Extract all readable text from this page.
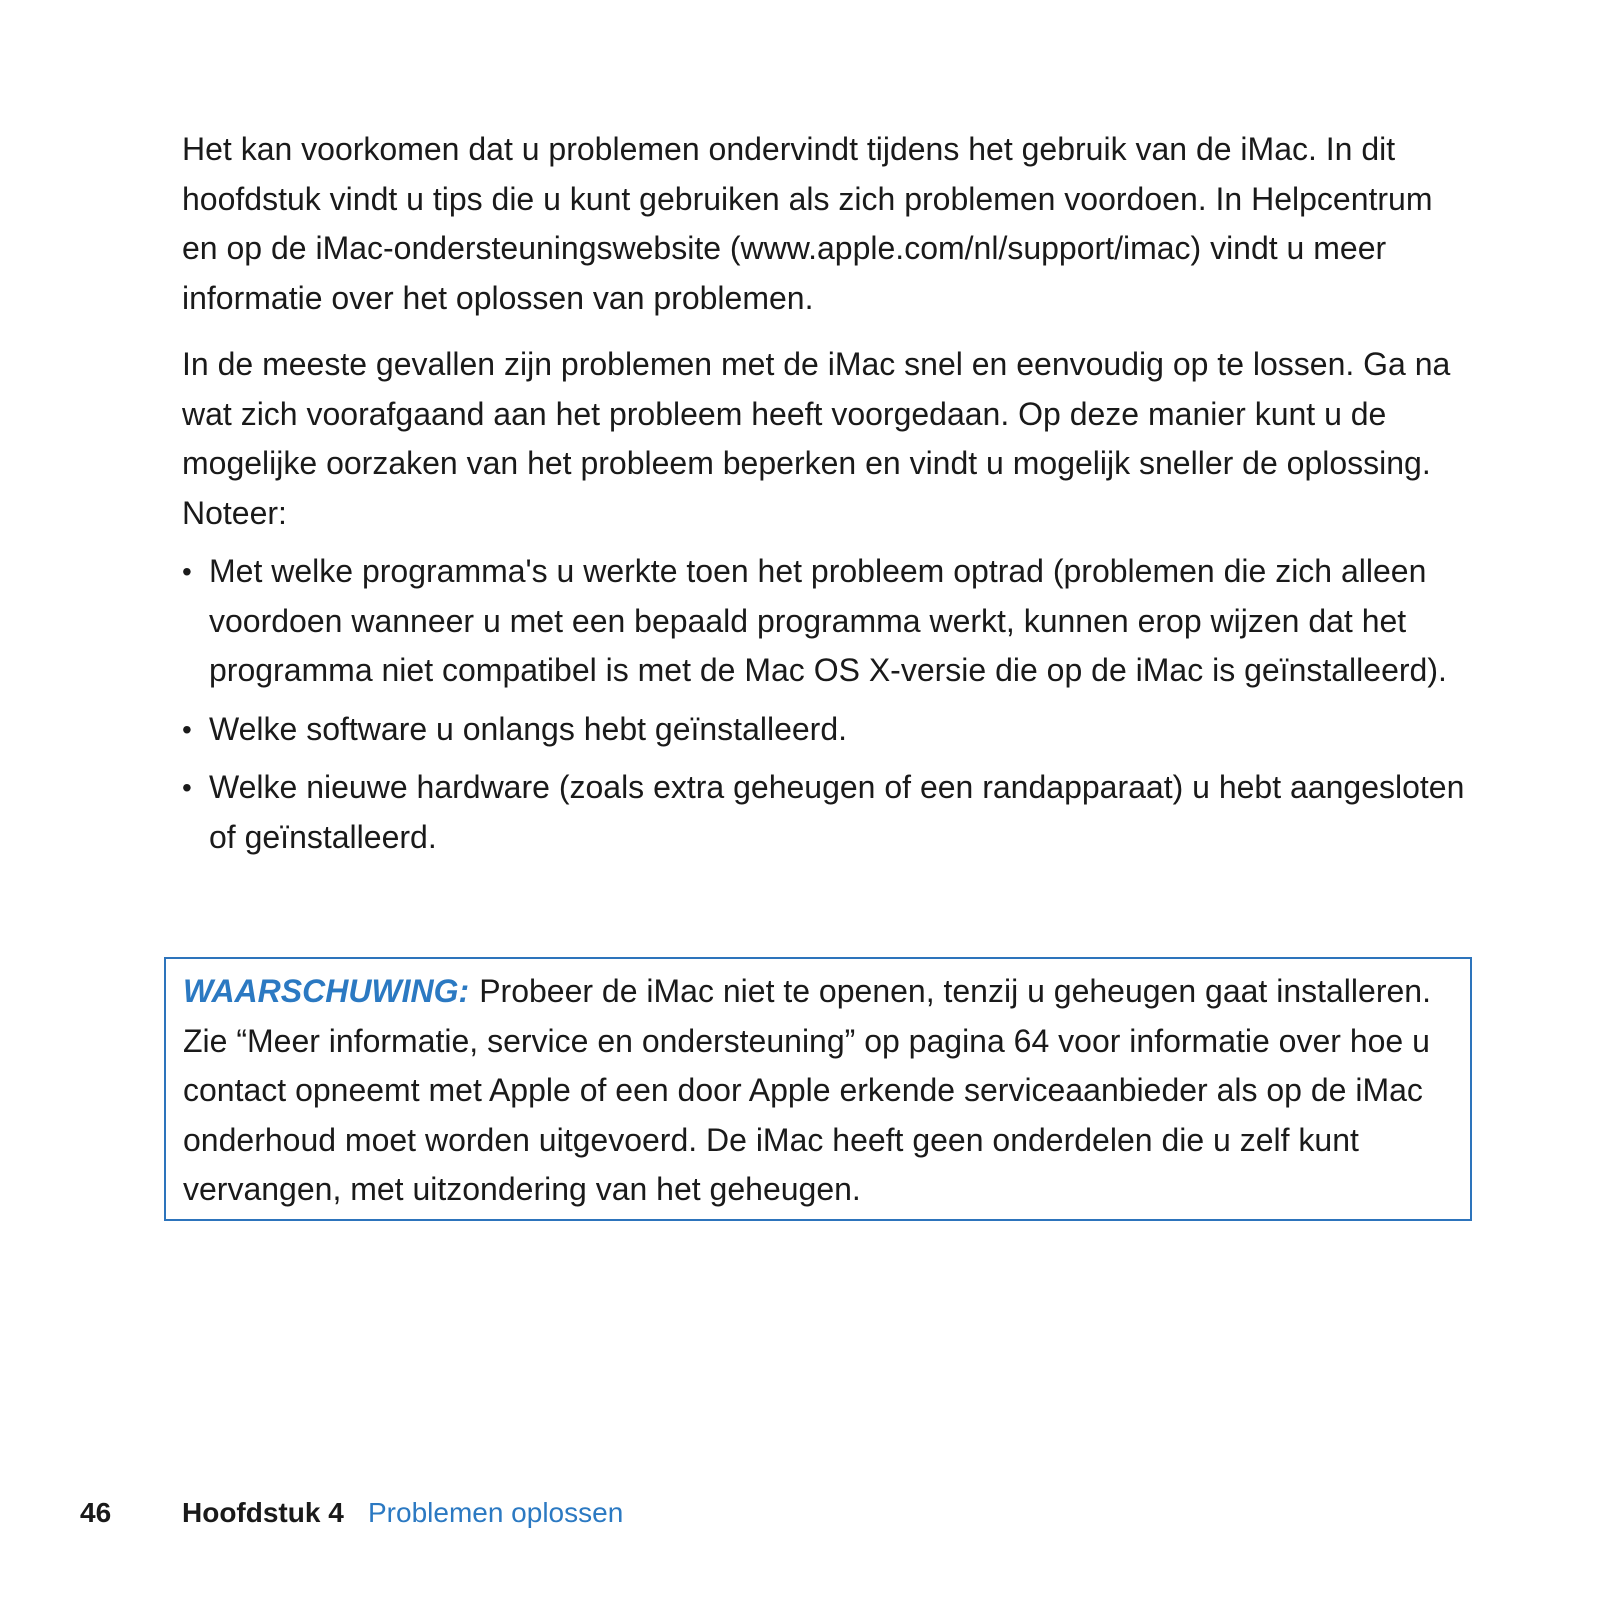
Het kan voorkomen dat u problemen ondervindt tijdens het gebruik van de iMac. In dit hoofdstuk vindt u tips die u kunt gebruiken als zich problemen voordoen. In Helpcentrum en op de iMac-ondersteuningswebsite (www.apple.com/nl/support/imac) vindt u meer informatie over het oplossen van problemen.

In de meeste gevallen zijn problemen met de iMac snel en eenvoudig op te lossen. Ga na wat zich voorafgaand aan het probleem heeft voorgedaan. Op deze manier kunt u de mogelijke oorzaken van het probleem beperken en vindt u mogelijk sneller de oplossing. Noteer:

• Met welke programma's u werkte toen het probleem optrad (problemen die zich alleen voordoen wanneer u met een bepaald programma werkt, kunnen erop wijzen dat het programma niet compatibel is met de Mac OS X-versie die op de iMac is geïnstalleerd).
• Welke software u onlangs hebt geïnstalleerd.
• Welke nieuwe hardware (zoals extra geheugen of een randapparaat) u hebt aangesloten of geïnstalleerd.

WAARSCHUWING: Probeer de iMac niet te openen, tenzij u geheugen gaat installeren. Zie “Meer informatie, service en ondersteuning” op pagina 64 voor informatie over hoe u contact opneemt met Apple of een door Apple erkende serviceaanbieder als op de iMac onderhoud moet worden uitgevoerd. De iMac heeft geen onderdelen die u zelf kunt vervangen, met uitzondering van het geheugen.

46	Hoofdstuk 4 Problemen oplossen
